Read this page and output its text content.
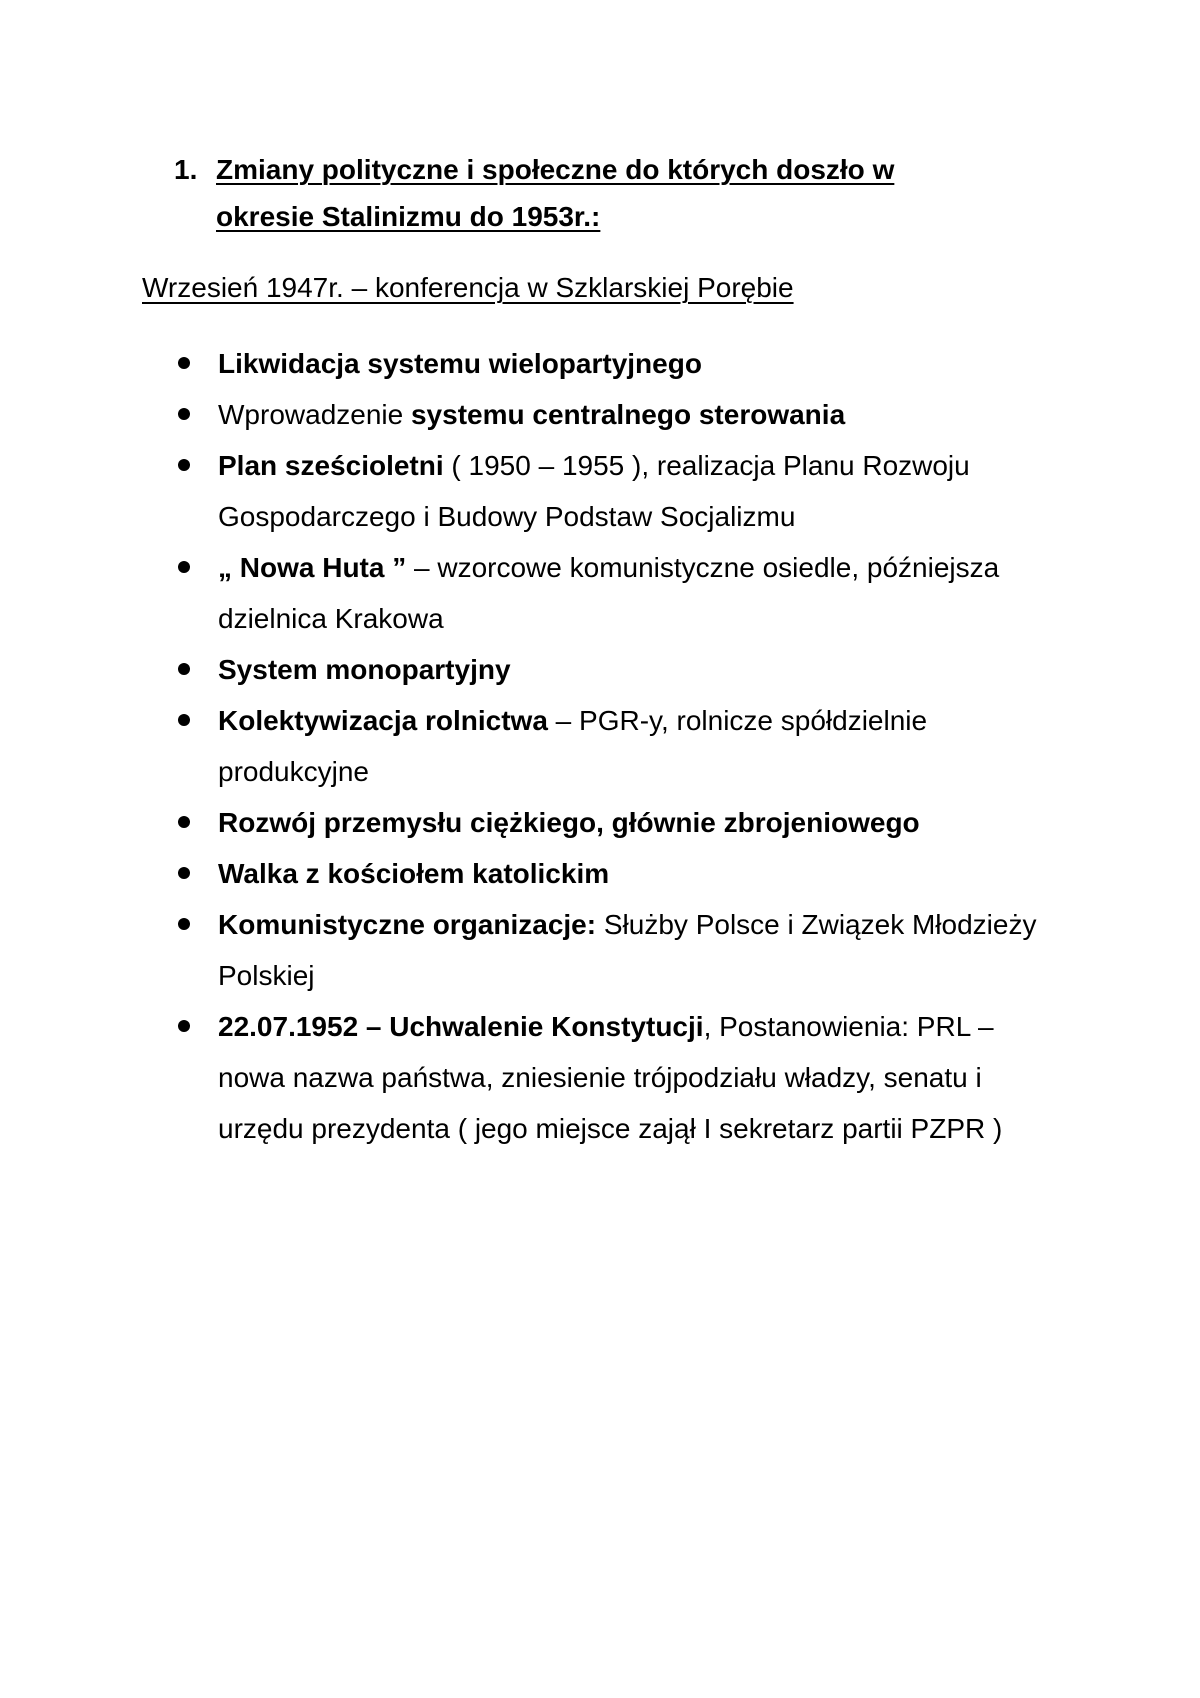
1. Zmiany polityczne i społeczne do których doszło w
okresie Stalinizmu do 1953r.:
Wrzesień 1947r. – konferencja w Szklarskiej Porębie
Likwidacja systemu wielopartyjnego
Wprowadzenie systemu centralnego sterowania
Plan sześcioletni ( 1950 – 1955 ), realizacja Planu Rozwoju Gospodarczego i Budowy Podstaw Socjalizmu
„ Nowa Huta ” – wzorcowe komunistyczne osiedle, późniejsza dzielnica Krakowa
System monopartyjny
Kolektywizacja rolnictwa – PGR-y, rolnicze spółdzielnie produkcyjne
Rozwój przemysłu ciężkiego, głównie zbrojeniowego
Walka z kościołem katolickim
Komunistyczne organizacje: Służby Polsce i Związek Młodzieży Polskiej
22.07.1952 – Uchwalenie Konstytucji, Postanowienia: PRL – nowa nazwa państwa, zniesienie trójpodziału władzy, senatu i urzędu prezydenta ( jego miejsce zajął I sekretarz partii PZPR )
